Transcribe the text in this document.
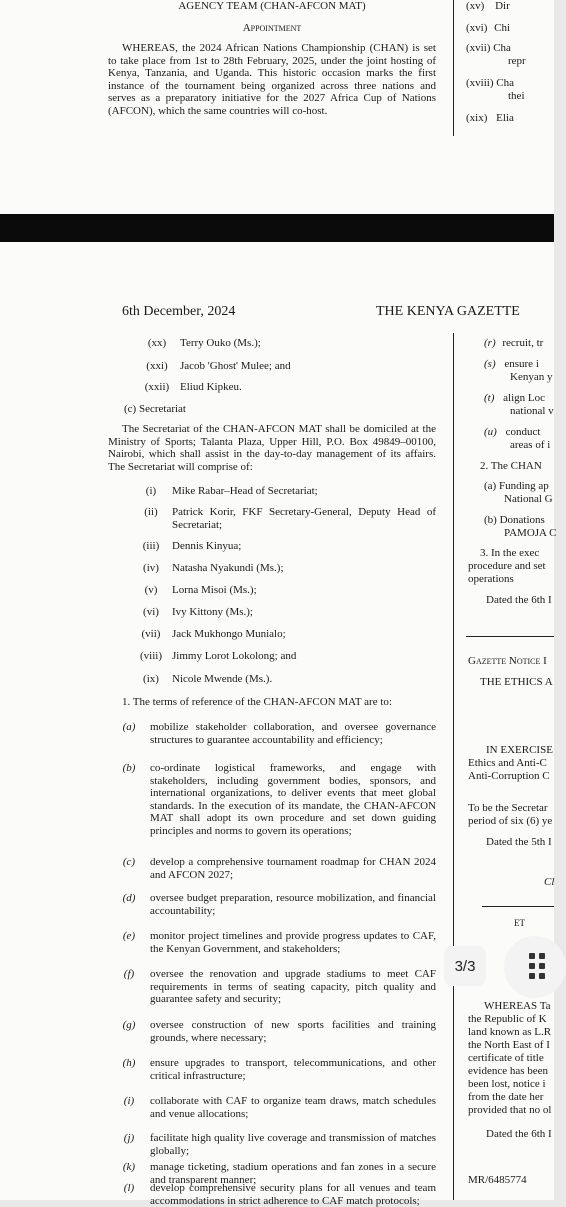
AGENCY TEAM (CHAN-AFCON MAT)
Appointment

WHEREAS, the 2024 African Nations Championship (CHAN) is set to take place from 1st to 28th February, 2025, under the joint hosting of Kenya, Tanzania, and Uganda. This historic occasion marks the first instance of the tournament being organized across three nations and serves as a preparatory initiative for the 2027 Africa Cup of Nations (AFCON), which the same countries will co-host.

(xv) Dir
(xvi) Chi
(xvii) Cha
repr
(xviii) Cha
thei
(xix) Elia
6th December, 2024	THE KENYA GAZETTE
(xx)	Terry Ouko (Ms.);
(xxi)	Jacob 'Ghost' Mulee; and
(xxii) Eliud Kipkeu.
(c) Secretariat

The Secretariat of the CHAN-AFCON MAT shall be domiciled at the Ministry of Sports; Talanta Plaza, Upper Hill, P.O. Box 49849–00100, Nairobi, which shall assist in the day-to-day management of its affairs. The Secretariat will comprise of:

(i)	Mike Rabar–Head of Secretariat;
(ii)	Patrick Korir, FKF Secretary-General, Deputy Head of Secretariat;
(iii)	Dennis Kinyua;
(iv)	Natasha Nyakundi (Ms.);
(v)	Lorna Misoi (Ms.);
(vi)	Ivy Kittony (Ms.);
(vii)	Jack Mukhongo Munialo;
(viii) Jimmy Lorot Lokolong; and
(ix)	Nicole Mwende (Ms.).
1. The terms of reference of the CHAN-AFCON MAT are to:
(a)	mobilize stakeholder collaboration, and oversee governance structures to guarantee accountability and efficiency;
(b)	co-ordinate logistical frameworks, and engage with stakeholders, including government bodies, sponsors, and international organizations, to deliver events that meet global standards. In the execution of its mandate, the CHAN-AFCON MAT shall adopt its own procedure and set down guiding principles and norms to govern its operations;
(c)	develop a comprehensive tournament roadmap for CHAN 2024 and AFCON 2027;
(d)	oversee budget preparation, resource mobilization, and financial accountability;
(e)	monitor project timelines and provide progress updates to CAF, the Kenyan Government, and stakeholders;
(f)	oversee the renovation and upgrade stadiums to meet CAF requirements in terms of seating capacity, pitch quality and guarantee safety and security;
(g)	oversee construction of new sports facilities and training grounds, where necessary;
(h)	ensure upgrades to transport, telecommunications, and other critical infrastructure;
(i)	collaborate with CAF to organize team draws, match schedules and venue allocations;
(j)	facilitate high quality live coverage and transmission of matches globally;
(k)	manage ticketing, stadium operations and fan zones in a secure and transparent manner;
(l)	develop comprehensive security plans for all venues and team accommodations in strict adherence to CAF match protocols;
(r) recruit, tr
(s) ensure i
Kenyan y
(t) align Loc
national v
(u) conduct
areas of i
2. The CHAN
(a) Funding ap
National G
(b) Donations
PAMOJA C
3. In the exec
procedure and set
operations
Dated the 6th I
Gazette Notice I
THE ETHICS A
IN EXERCISE
Ethics and Anti-C
Anti-Corruption C
To be the Secretar
period of six (6) ye
Dated the 5th I
Cl
ET
WHEREAS Ta
the Republic of K
land known as L.R
the North East of I
certificate of title
evidence has been
been lost, notice i
from the date her
provided that no ol
Dated the 6th I
MR/6485774
3/3
